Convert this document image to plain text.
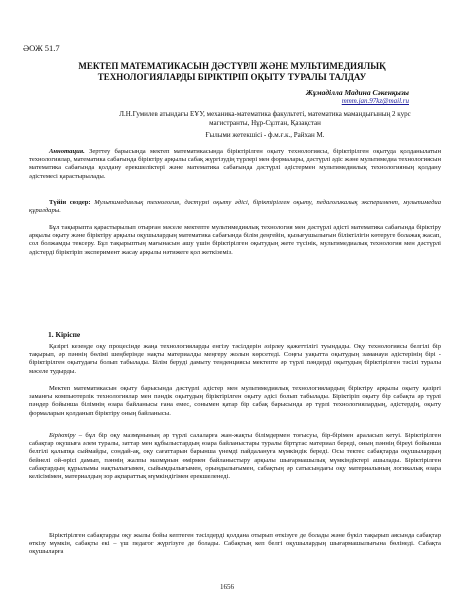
ӘОЖ 51.7
МЕКТЕП МАТЕМАТИКАСЫН ДӘСТҮРЛІ ЖӘНЕ МУЛЬТИМЕДИЯЛЫҚ ТЕХНОЛОГИЯЛАРДЫ БІРІКТІРІП ОҚЫТУ ТУРАЛЫ ТАЛДАУ
Жұмаділла Мадина Сәкенқызы
mmm.jan.97kz@mail.ru
Л.Н.Гумилев атындағы ЕҰУ, механика-математика факультеті, математика мамандығының 2 курс магистранты, Нұр-Сұлтан, Қазақстан
Ғылыми жетекшісі - ф.м.ғ.к., Райхан М.

Аннотация. Зерттеу барысында мектеп математикасында біріктірілген оқыту технологиясы, біріктірілген оқытуда қолданылатын технологиялар, математика сабағында біріктіру арқылы сабақ жүргізудің түрлері мен формалары, дәстүрлі әдіс және мультимедиа технологиясын математика сабағында қолдану ерекшеліктері және математика сабағында дәстүрлі әдістермен мультимедиялық технологияның қолдану әдістемесі қарастырылады.

Түйін сөздер: Мультимедиялық технология, дәстүрлі оқыту әдісі, біріктірілген оқыту, педагогикалық эксперимент, мультимедиа құралдары.

Бұл тақырыпта қарастырылып отырған мәселе мектепте мультимедиялық технология мен дәстүрлі әдісті математика сабағында біріктіру арқылы оқыту және біріктіру арқылы оқушылардың математика сабағында білім деңгейін, қызығушылығын біліктілігін көтеруге болажақ жасап, сол болжамды тексеру. Бұл тақырыптың мағынасын ашу үшін біріктірілген оқытудың жете түсінік, мультимедиалық технология мен дәстүрлі әдістерді біріктіріп эксперимент жасау арқылы нәтижеге қол жеткіземіз.

1. Кіріспе

Қазіргі кезеңде оқу процесінде жаңа технологияларды енгізу тәсілдерін әзірлеу қажеттілігі туындады. Оқу технологиясы белгілі бір тақырып, әр пәннің бөлімі шеңберінде нақты материалды меңгеру жолын көрсетеді. Соңғы уақытта оқытудың заманауи әдістерінің бірі - біріктірілген оқытудағы болып табылады. Білім беруді дамыту тенденциясы мектепте әр түрлі пәндерді оқытудың біріктірілген тәсілі туралы мәселе тудырды.

Мектеп математикасын оқыту барысында дәстүрлі әдістер мен мультимедиялық технологиялардың біріктіру арқылы оқыту қазіргі заманғы компьютерлік технологиялар мен пәндік оқытудың біріктірілген оқыту әдісі болып табылады. Біріктіріп оқыту бір сабақта әр түрлі пәндер бойынша білімнің өзара байланысы ғана емес, сонымен қатар бір сабақ барысында әр түрлі технологиялардың, әдістердің, оқыту формаларын қолданып біріктіру оның байланысы.

Біріктіру – бұл бір оқу мазмұнының әр түрлі салаларға жан-жақты білімдермен тоғысуы, бір-бірімен араласып кетуі. Біріктірілген сабақтар оқушыға әлем туралы, заттар мен құбылыстардың өзара байланыстары туралы біртұтас материал береді, оның пәннің біреуі бойынша белгілі қалыпқа сыймайды, сондай-ақ, оқу сағаттарын барынша үнемді пайдалануға мүмкіндік береді. Осы тектес сабақтарда оқушылардың бейнелі ой-өрісі дамып, пәннің жалпы мазмұнын өмірмен байланыстыру арқылы шығармашылық мүмкіндіктері ашылады. Біріктірілген сабақтардың құрылымы нақтылығымен, сыйымдылығымен, орындылығымен, сабақтың әр сатысындағы оқу материалының логикалық өзара келісімімен, материалдың зор ақпараттық мүмкіндігімен ерекшеленеді.

Біріктірілген сабақтарды оқу жылы бойы кептеген тәсілдерді қолдана отырып өткізуге де болады және бүкіл тақырып аясында сабақтар өткізу мүмкін, сабақты екі – үш педагог жүргізуге де болады. Сабақтың кеп белгі оқушылардың шығармашылығына бөлінеді. Сабақта оқушыларға

1656
